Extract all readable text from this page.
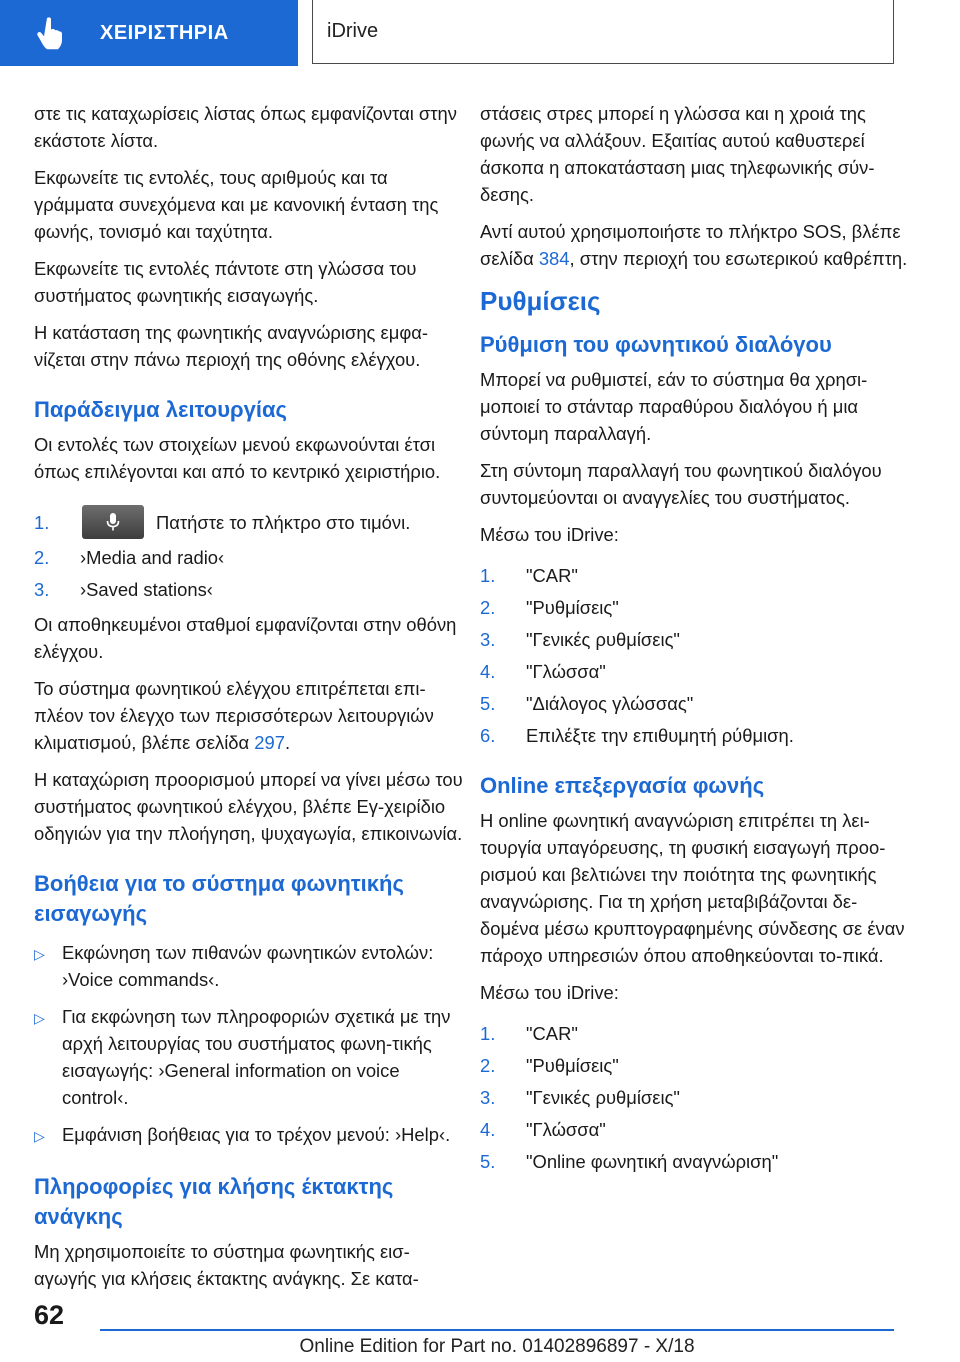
ΧΕΙΡΙΣΤΗΡΙΑ	iDrive

στε τις καταχωρίσεις λίστας όπως εμφανίζονται στην εκάστοτε λίστα.

Εκφωνείτε τις εντολές, τους αριθμούς και τα γράμματα συνεχόμενα και με κανονική ένταση της φωνής, τονισμό και ταχύτητα.

Εκφωνείτε τις εντολές πάντοτε στη γλώσσα του συστήματος φωνητικής εισαγωγής.

Η κατάσταση της φωνητικής αναγνώρισης εμφα‐νίζεται στην πάνω περιοχή της οθόνης ελέγχου.

Παράδειγμα λειτουργίας

Οι εντολές των στοιχείων μενού εκφωνούνται έτσι όπως επιλέγονται και από το κεντρικό χειριστήριο.

1.	Πατήστε το πλήκτρο στο τιμόνι.
2.	›Media and radio‹
3.	›Saved stations‹

Οι αποθηκευμένοι σταθμοί εμφανίζονται στην οθόνη ελέγχου.

Το σύστημα φωνητικού ελέγχου επιτρέπεται επι‐πλέον τον έλεγχο των περισσότερων λειτουργιών κλιματισμού, βλέπε σελίδα 297.

Η καταχώριση προορισμού μπορεί να γίνει μέσω του συστήματος φωνητικού ελέγχου, βλέπε Εγ‐χειρίδιο οδηγιών για την πλοήγηση, ψυχαγωγία, επικοινωνία.

Βοήθεια για το σύστημα φωνητικής εισαγωγής
▷ Εκφώνηση των πιθανών φωνητικών εντολών: ›Voice commands‹.
▷ Για εκφώνηση των πληροφοριών σχετικά με την αρχή λειτουργίας του συστήματος φωνη‐τικής εισαγωγής: ›General information on voice control‹.
▷ Εμφάνιση βοήθειας για το τρέχον μενού: ›Help‹.
Πληροφορίες για κλήσης έκτακτης ανάγκης

Μη χρησιμοποιείτε το σύστημα φωνητικής εισ‐αγωγής για κλήσεις έκτακτης ανάγκης. Σε κατα‐

στάσεις στρες μπορεί η γλώσσα και η χροιά της φωνής να αλλάξουν. Εξαιτίας αυτού καθυστερεί άσκοπα η αποκατάσταση μιας τηλεφωνικής σύν‐δεσης.

Αντί αυτού χρησιμοποιήστε το πλήκτρο SOS, βλέπε σελίδα 384, στην περιοχή του εσωτερικού καθρέπτη.

Ρυθμίσεις
Ρύθμιση του φωνητικού διαλόγου

Μπορεί να ρυθμιστεί, εάν το σύστημα θα χρησι‐μοποιεί το στάνταρ παραθύρου διαλόγου ή μια σύντομη παραλλαγή.

Στη σύντομη παραλλαγή του φωνητικού διαλόγου συντομεύονται οι αναγγελίες του συστήματος.

Μέσω του iDrive:

1.	"CAR"
2.	"Ρυθμίσεις"
3.	"Γενικές ρυθμίσεις"
4.	"Γλώσσα"
5.	"Διάλογος γλώσσας"
6.	Επιλέξτε την επιθυμητή ρύθμιση.
Online επεξεργασία φωνής

Η online φωνητική αναγνώριση επιτρέπει τη λει‐τουργία υπαγόρευσης, τη φυσική εισαγωγή προο‐ρισμού και βελτιώνει την ποιότητα της φωνητικής αναγνώρισης. Για τη χρήση μεταβιβάζονται δε‐δομένα μέσω κρυπτογραφημένης σύνδεσης σε έναν πάροχο υπηρεσιών όπου αποθηκεύονται το‐πικά.

Μέσω του iDrive:

1.	"CAR"
2.	"Ρυθμίσεις"
3.	"Γενικές ρυθμίσεις"
4.	"Γλώσσα"
5.	"Online φωνητική αναγνώριση"
62
Online Edition for Part no. 01402896897 - X/18
